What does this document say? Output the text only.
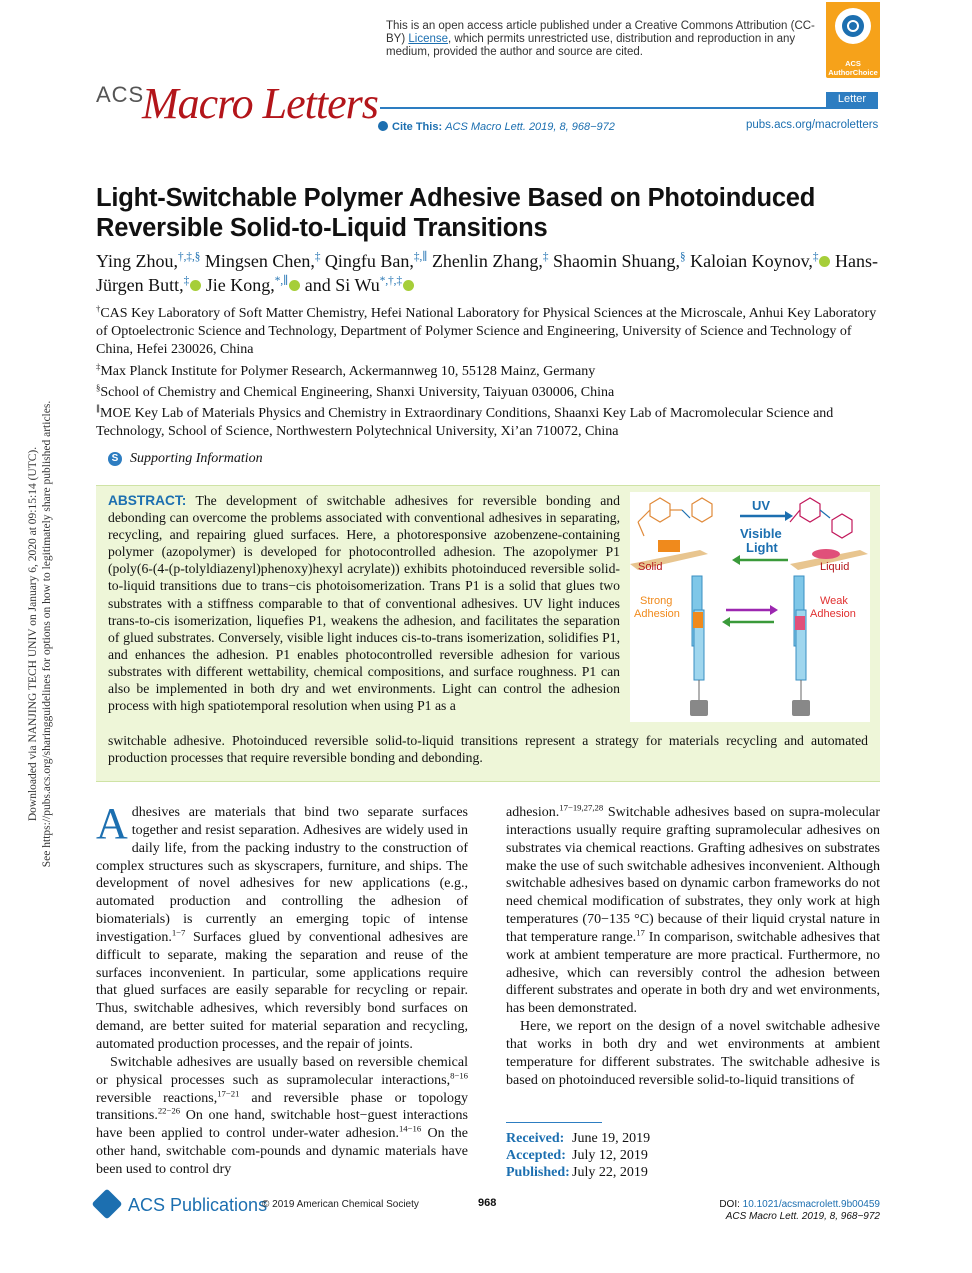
This is an open access article published under a Creative Commons Attribution (CC-BY) License, which permits unrestricted use, distribution and reproduction in any medium, provided the author and source are cited.
ACS AuthorChoice
ACS
Macro Letters	Letter
Cite This: ACS Macro Lett. 2019, 8, 968−972	pubs.acs.org/macroletters
Light-Switchable Polymer Adhesive Based on Photoinduced Reversible Solid-to-Liquid Transitions
Ying Zhou,†,‡,§ Mingsen Chen,‡ Qingfu Ban,‡,∥ Zhenlin Zhang,‡ Shaomin Shuang,§ Kaloian Koynov,‡ Hans-Jürgen Butt,‡ Jie Kong,*,∥ and Si Wu*,†,‡

†CAS Key Laboratory of Soft Matter Chemistry, Hefei National Laboratory for Physical Sciences at the Microscale, Anhui Key Laboratory of Optoelectronic Science and Technology, Department of Polymer Science and Engineering, University of Science and Technology of China, Hefei 230026, China

‡Max Planck Institute for Polymer Research, Ackermannweg 10, 55128 Mainz, Germany

§School of Chemistry and Chemical Engineering, Shanxi University, Taiyuan 030006, China

∥MOE Key Lab of Materials Physics and Chemistry in Extraordinary Conditions, Shaanxi Key Lab of Macromolecular Science and Technology, School of Science, Northwestern Polytechnical University, Xi’an 710072, China

S Supporting Information
ABSTRACT: The development of switchable adhesives for reversible bonding and debonding can overcome the problems associated with conventional adhesives in separating, recycling, and repairing glued surfaces. Here, a photoresponsive azobenzene-containing polymer (azopolymer) is developed for photocontrolled adhesion. The azopolymer P1 (poly(6-(4-(p-tolyldiazenyl)phenoxy)hexyl acrylate)) exhibits photoinduced reversible solid-to-liquid transitions due to trans−cis photoisomerization. Trans P1 is a solid that glues two substrates with a stiffness comparable to that of conventional adhesives. UV light induces trans-to-cis isomerization, liquefies P1, weakens the adhesion, and facilitates the separation of glued substrates. Conversely, visible light induces cis-to-trans isomerization, solidifies P1, and enhances the adhesion. P1 enables photocontrolled reversible adhesion for various substrates with different wettability, chemical compositions, and surface roughness. P1 can also be implemented in both dry and wet environments. Light can control the adhesion process with high spatiotemporal resolution when using P1 as a
switchable adhesive. Photoinduced reversible solid-to-liquid transitions represent a strategy for materials recycling and automated production processes that require reversible bonding and debonding.
UV
Visible
Light
Solid	Liquid
Strong
Adhesion
Weak
Adhesion

Adhesives are materials that bind two separate surfaces together and resist separation. Adhesives are widely used in daily life, from the packing industry to the construction of complex structures such as skyscrapers, furniture, and ships. The development of novel adhesives for new applications (e.g., automated production and controlling the adhesion of biomaterials) is currently an emerging topic of intense investigation.$^{1-7}$ Surfaces glued by conventional adhesives are difficult to separate, making the separation and reuse of the surfaces inconvenient. In particular, some applications require that glued surfaces are easily separable for recycling or repair. Thus, switchable adhesives, which reversibly bond surfaces on demand, are better suited for material separation and recycling, automated production processes, and the repair of joints.

Switchable adhesives are usually based on reversible chemical or physical processes such as supramolecular interactions,$^{8-16}$ reversible reactions,$^{17-21}$ and reversible phase or topology transitions.$^{22-26}$ On one hand, switchable host−guest interactions have been applied to control under-water adhesion.$^{14-16}$ On the other hand, switchable com-pounds and dynamic materials have been used to control dry

adhesion.$^{17-19,27,28}$ Switchable adhesives based on supra-molecular interactions usually require grafting supramolecular adhesives on substrates via chemical reactions. Grafting adhesives on substrates make the use of such switchable adhesives inconvenient. Although switchable adhesives based on dynamic carbon frameworks do not need chemical modification of substrates, they only work at high temperatures (70−135 °C) because of their liquid crystal nature in that temperature range.$^{17}$ In comparison, switchable adhesives that work at ambient temperature are more practical. Furthermore, no adhesive, which can reversibly control the adhesion between different substrates and operate in both dry and wet environments, has been demonstrated.

Here, we report on the design of a novel switchable adhesive that works in both dry and wet environments at ambient temperature for different substrates. The switchable adhesive is based on photoinduced reversible solid-to-liquid transitions of

Received: June 19, 2019
Accepted: July 12, 2019
Published: July 22, 2019
Downloaded via NANJING TECH UNIV on January 6, 2020 at 09:15:14 (UTC). See https://pubs.acs.org/sharingguidelines for options on how to legitimately share published articles.
ACS Publications
© 2019 American Chemical Society	968	DOI: 10.1021/acsmacrolett.9b00459
ACS Macro Lett. 2019, 8, 968−972
